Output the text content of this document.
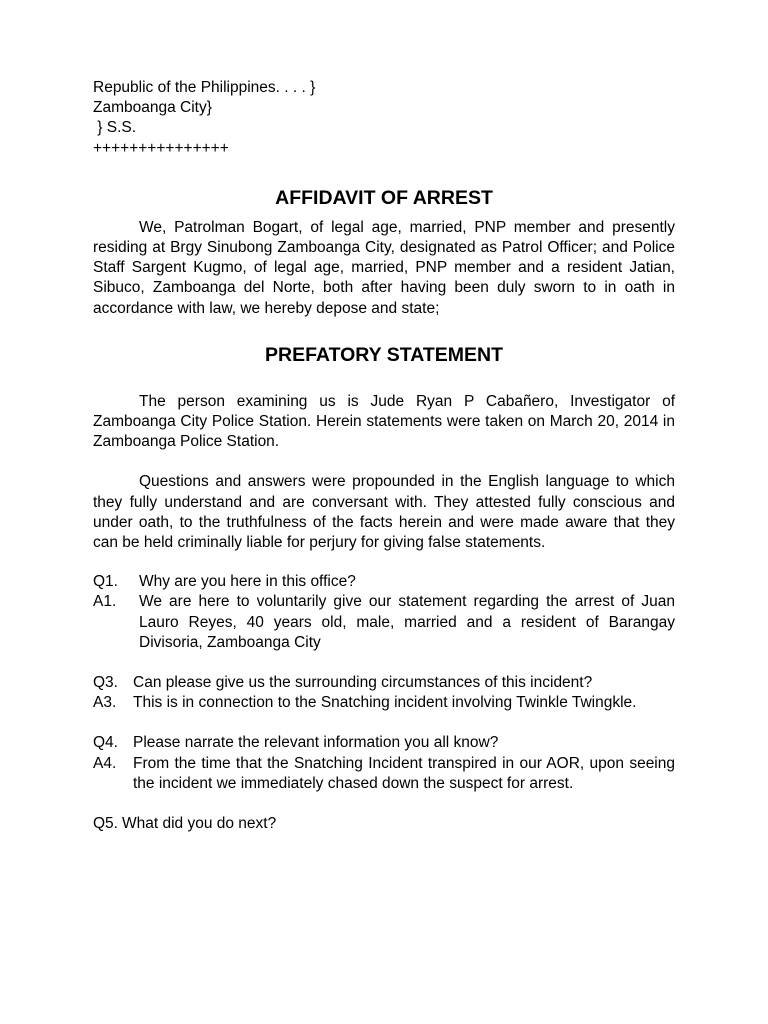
Republic of the Philippines. . . . }
Zamboanga City}
} S.S.
+++++++++++++++
AFFIDAVIT OF ARREST

We, Patrolman Bogart, of legal age, married, PNP member and presently residing at Brgy Sinubong Zamboanga City, designated as Patrol Officer; and Police Staff Sargent Kugmo, of legal age, married, PNP member and a resident Jatian, Sibuco, Zamboanga del Norte, both after having been duly sworn to in oath in accordance with law, we hereby depose and state;

PREFATORY STATEMENT

The person examining us is Jude Ryan P Cabañero, Investigator of Zamboanga City Police Station. Herein statements were taken on March 20, 2014 in Zamboanga Police Station.

Questions and answers were propounded in the English language to which they fully understand and are conversant with. They attested fully conscious and under oath, to the truthfulness of the facts herein and were made aware that they can be held criminally liable for perjury for giving false statements.

Q1.	Why are you here in this office?
A1.	We are here to voluntarily give our statement regarding the arrest of Juan Lauro Reyes, 40 years old, male, married and a resident of Barangay Divisoria, Zamboanga City
Q3. Can please give us the surrounding circumstances of this incident?
A3.	This is in connection to the Snatching incident involving Twinkle Twingkle.
Q4. Please narrate the relevant information you all know?
A4.	From the time that the Snatching Incident transpired in our AOR, upon seeing the incident we immediately chased down the suspect for arrest.
Q5. What did you do next?
